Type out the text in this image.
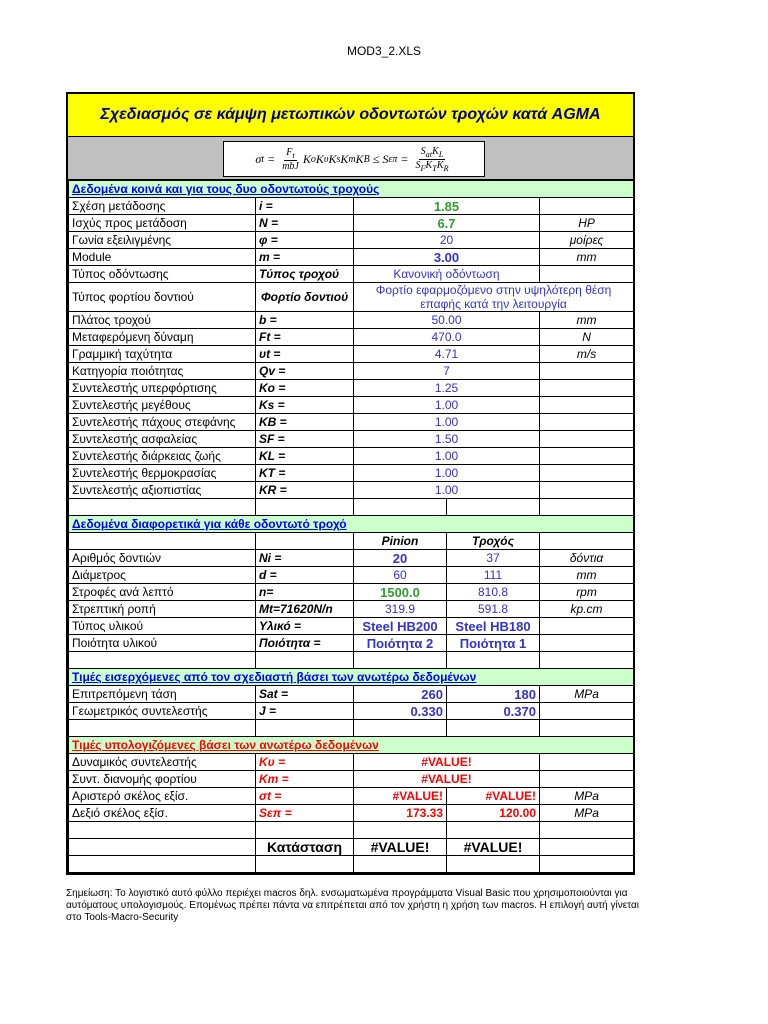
MOD3_2.XLS
Σχεδιασμός σε κάμψη μετωπικών οδοντωτών τροχών κατά AGMA
σ $t = \frac{F_t}{\text{mbJ}}$ K o K υ K s K m K B ≤ S $\varepsilon\pi = \frac{S_{at}K_L}{S_FK_TK_R}$
Δεδομένα κοινά και για τους δυο οδοντωτούς τροχούς				
Σχέση μετάδοσης	i =	1.85		
Ισχύς προς μετάδοση	N =	6.7		HP
Γωνία εξειλιγμένης	φ =	20		μοίρες
Module	m =	3.00		mm
Τύπος οδόντωσης	Τύπος τροχού	Κανονική οδόντωση		
Τύπος φορτίου δοντιού	Φορτίο δοντιού	Φορτίο εφαρμοζόμενο στην υψηλότερη θέση επαφής κατά την λειτουργία		
Πλάτος τροχού	b =	50.00		mm
Μεταφερόμενη δύναμη	Ft =	470.0		N
Γραμμική ταχύτητα	υt =	4.71		m/s
Κατηγορία ποιότητας	Qv =	7		
Συντελεστής υπερφόρτισης	Ko =	1.25		
Συντελεστής μεγέθους	Ks =	1.00		
Συντελεστής πάχους στεφάνης	KB =	1.00		
Συντελεστής ασφαλείας	SF =	1.50		
Συντελεστής διάρκειας ζωής	KL =	1.00		
Συντελεστής θερμοκρασίας	KT =	1.00		
Συντελεστής αξιοπιστίας	KR =	1.00		

Δεδομένα διαφορετικά για κάθε οδοντωτό τροχό				
		Pinion	Τροχός	
Αριθμός δοντιών	Ni =	20	37	δόντια
Διάμετρος	d =	60	111	mm
Στροφές ανά λεπτό	n=	1500.0	810.8	rpm
Στρεπτική ροπή	Mt=71620N/n	319.9	591.8	kp.cm
Τύπος υλικού	Υλικό =	Steel HB200	Steel HB180	
Ποιότητα υλικού	Ποιότητα =	Ποιότητα 2	Ποιότητα 1	

Τιμές εισερχόμενες από τον σχεδιαστή βάσει των ανωτέρω δεδομένων				
Επιτρεπόμενη τάση	Sat =	260	180	MPa
Γεωμετρικός συντελεστής	J =	0.330	0.370	

Τιμές υπολογιζόμενες βάσει των ανωτέρω δεδομένων				
Δυναμικός συντελεστής	Kυ =	#VALUE!		
Συντ. διανομής φορτίου	Km =	#VALUE!		
Αριστερό σκέλος εξίσ.	σt =	#VALUE!	#VALUE!	MPa
Δεξιό σκέλος εξίσ.	Sεπ =	173.33	120.00	MPa

	Κατάσταση	#VALUE!	#VALUE!	

Σημείωση: Το λογιστικό αυτό φύλλο περιέχει macros δηλ. ενσωματωμένα προγράμματα Visual Basic που χρησιμοποιούνται για αυτόματους υπολογισμούς. Επομένως πρέπει πάντα να επιτρέπεται από τον χρήστη η χρήση των macros. Η επιλογή αυτή γίνεται στο Tools-Macro-Security
